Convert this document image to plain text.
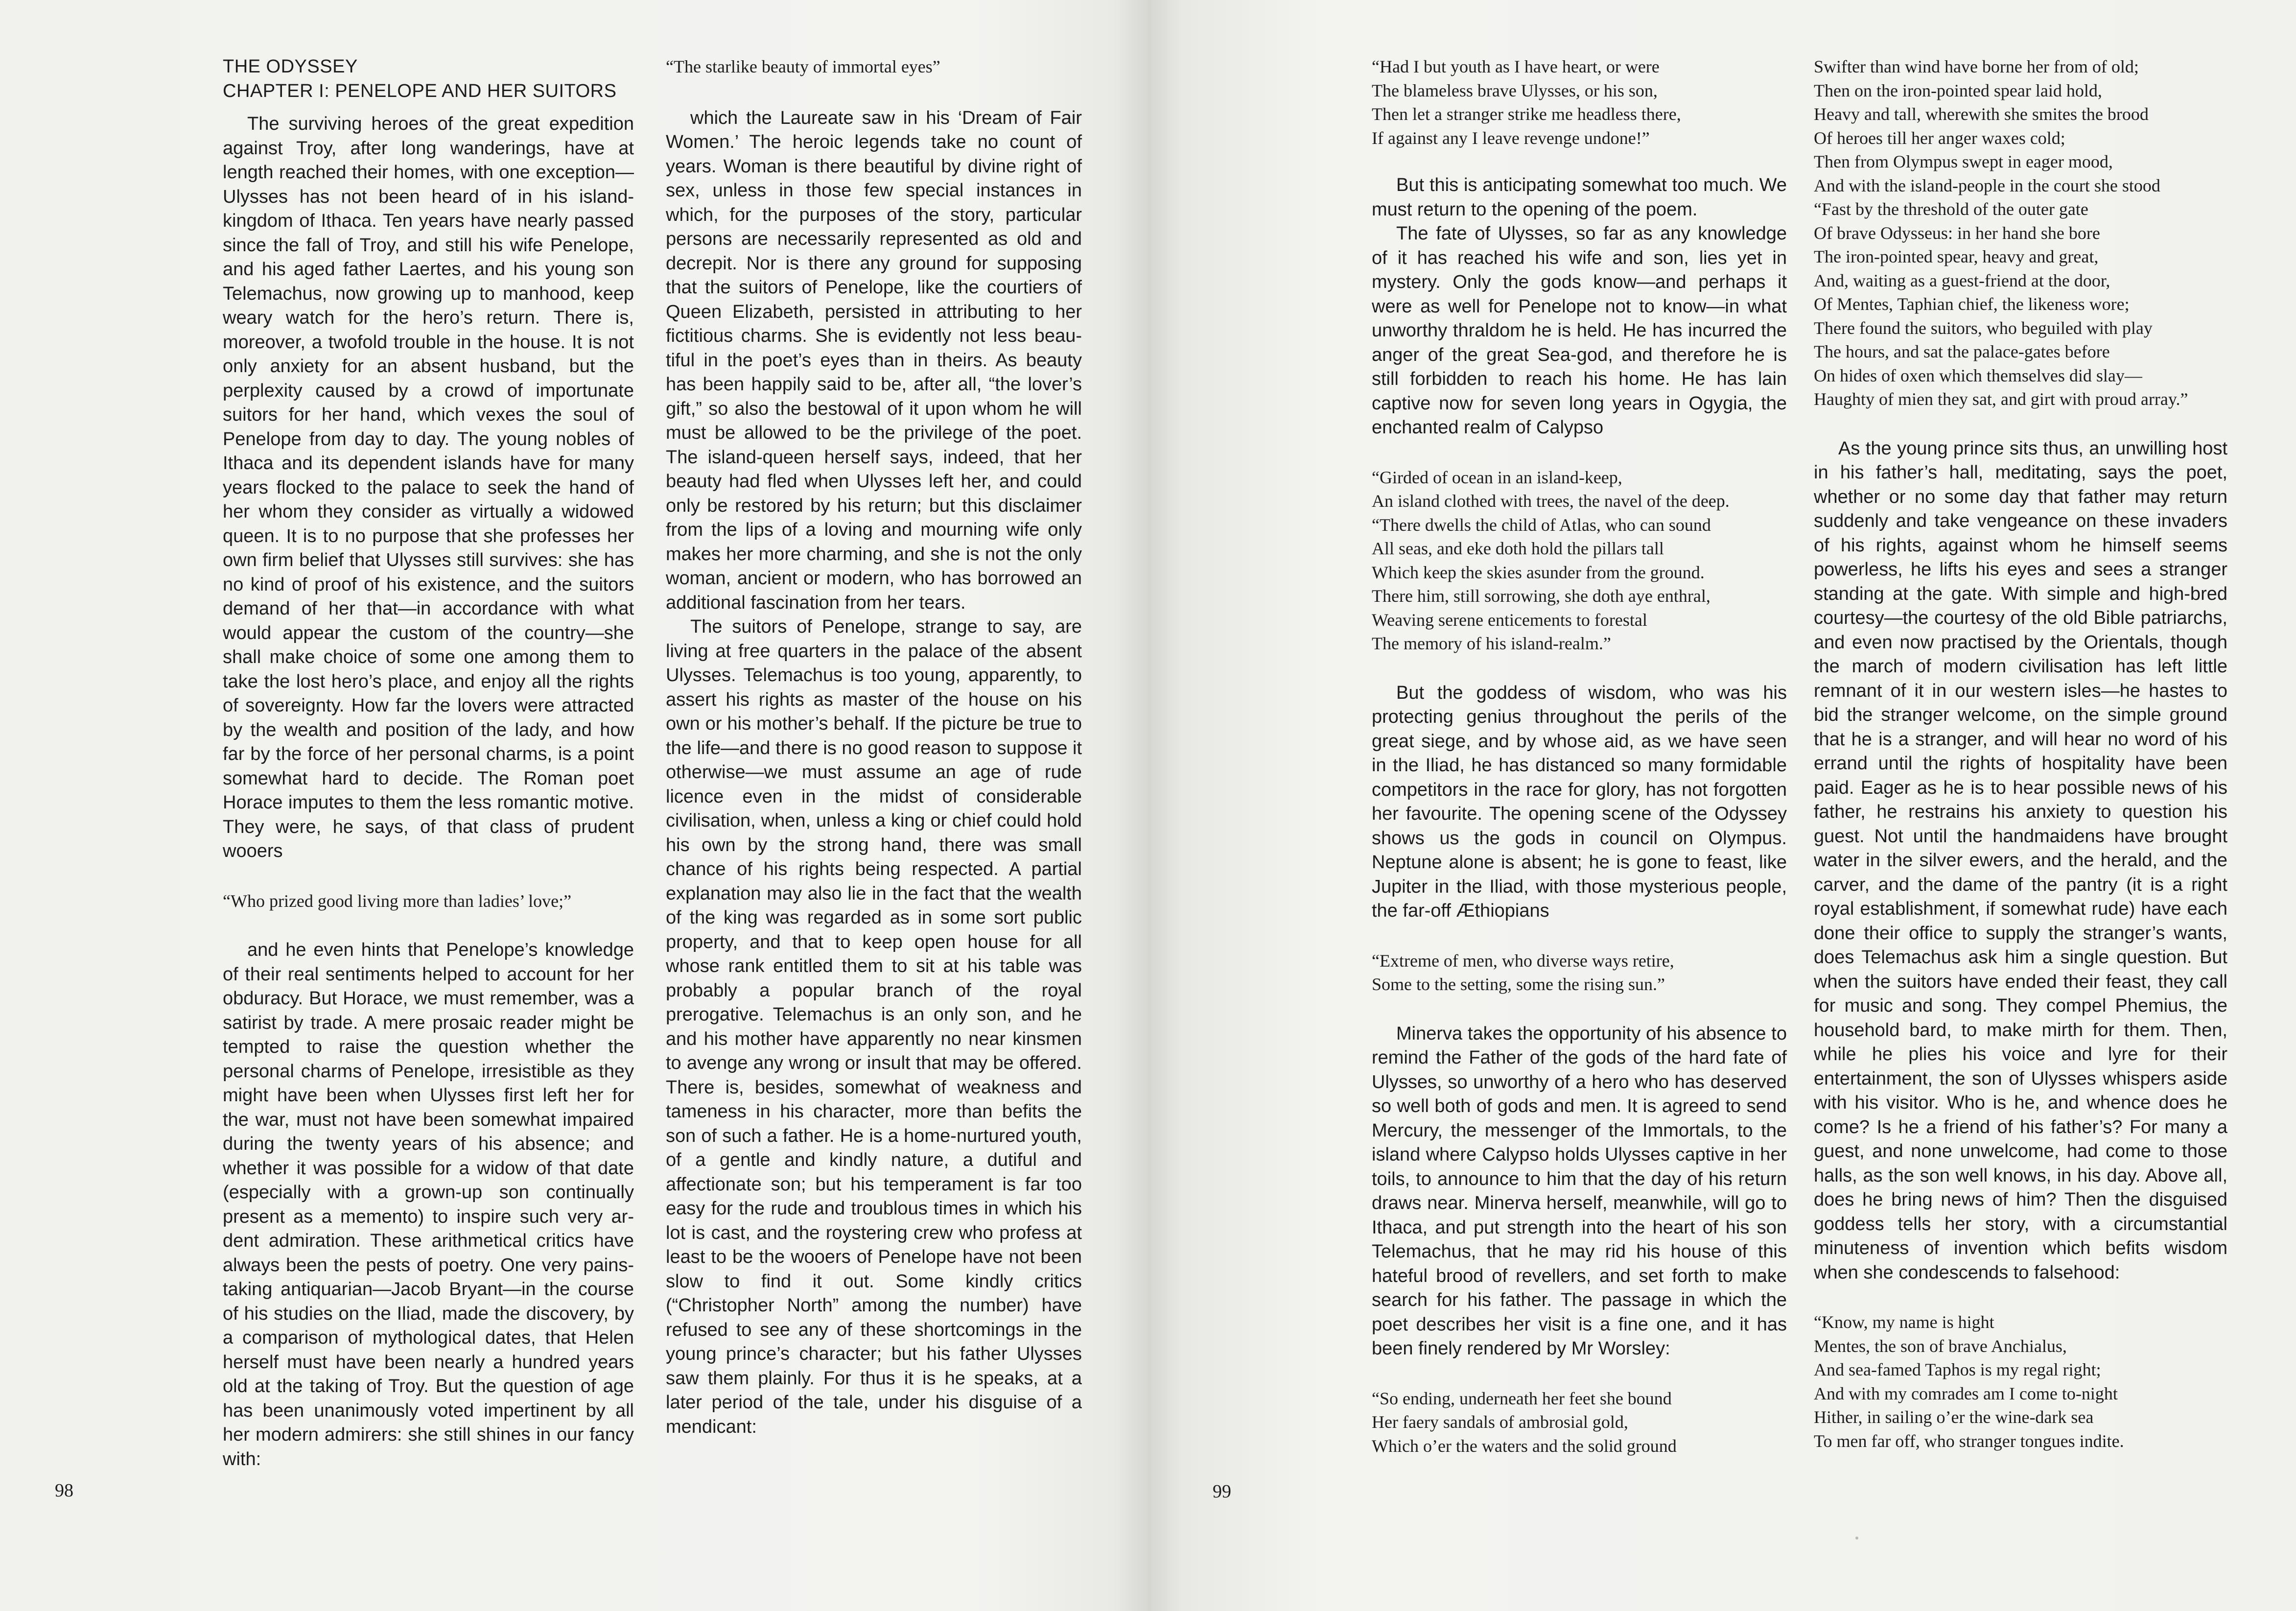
THE ODYSSEY
CHAPTER I: PENELOPE AND HER SUITORS

The surviving heroes of the great expedition against Troy, after long wanderings, have at length reached their homes, with one exception—Ulysses has not been heard of in his island-kingdom of Ithaca. Ten years have nearly passed since the fall of Troy, and still his wife Penelope, and his aged father Laertes, and his young son Telemachus, now growing up to manhood, keep weary watch for the hero’s return. There is, moreover, a twofold trouble in the house. It is not only anxiety for an absent husband, but the perplexity caused by a crowd of importunate suitors for her hand, which vexes the soul of Penelope from day to day. The young nobles of Ithaca and its dependent islands have for many years flocked to the palace to seek the hand of her whom they consider as virtually a widowed queen. It is to no purpose that she professes her own firm belief that Ulysses still survives: she has no kind of proof of his existence, and the suitors demand of her that—in accordance with what would appear the custom of the country—she shall make choice of some one among them to take the lost hero’s place, and enjoy all the rights of sovereignty. How far the lovers were attracted by the wealth and position of the lady, and how far by the force of her personal charms, is a point somewhat hard to decide. The Roman poet Horace imputes to them the less romantic motive. They were, he says, of that class of prudent wooers

“Who prized good living more than ladies’ love;”

and he even hints that Penelope’s knowledge of their real sentiments helped to account for her obduracy. But Horace, we must remember, was a satirist by trade. A mere prosaic reader might be tempted to raise the question whether the personal charms of Penelope, irresistible as they might have been when Ulysses first left her for the war, must not have been somewhat impaired during the twenty years of his absence; and whether it was possible for a widow of that date (especially with a grown-up son continually present as a memento) to inspire such very ardent admiration. These arithmetical critics have always been the pests of poetry. One very painstaking antiquarian—Jacob Bryant—in the course of his studies on the Iliad, made the discovery, by a comparison of mythological dates, that Helen herself must have been nearly a hundred years old at the taking of Troy. But the question of age has been unanimously voted impertinent by all her modern admirers: she still shines in our fancy with:

“The starlike beauty of immortal eyes”

which the Laureate saw in his ‘Dream of Fair Women.’ The heroic legends take no count of years. Woman is there beautiful by divine right of sex, unless in those few special instances in which, for the purposes of the story, particular persons are necessarily represented as old and decrepit. Nor is there any ground for supposing that the suitors of Penelope, like the courtiers of Queen Elizabeth, persisted in attributing to her fictitious charms. She is evidently not less beautiful in the poet’s eyes than in theirs. As beauty has been happily said to be, after all, “the lover’s gift,” so also the bestowal of it upon whom he will must be allowed to be the privilege of the poet. The island-queen herself says, indeed, that her beauty had fled when Ulysses left her, and could only be restored by his return; but this disclaimer from the lips of a loving and mourning wife only makes her more charming, and she is not the only woman, ancient or modern, who has borrowed an additional fascination from her tears.

The suitors of Penelope, strange to say, are living at free quarters in the palace of the absent Ulysses. Telemachus is too young, apparently, to assert his rights as master of the house on his own or his mother’s behalf. If the picture be true to the life—and there is no good reason to suppose it otherwise—we must assume an age of rude licence even in the midst of considerable civilisation, when, unless a king or chief could hold his own by the strong hand, there was small chance of his rights being respected. A partial explanation may also lie in the fact that the wealth of the king was regarded as in some sort public property, and that to keep open house for all whose rank entitled them to sit at his table was probably a popular branch of the royal prerogative. Telemachus is an only son, and he and his mother have apparently no near kinsmen to avenge any wrong or insult that may be offered. There is, besides, somewhat of weakness and tameness in his character, more than befits the son of such a father. He is a home-nurtured youth, of a gentle and kindly nature, a dutiful and affectionate son; but his temperament is far too easy for the rude and troublous times in which his lot is cast, and the roystering crew who profess at least to be the wooers of Penelope have not been slow to find it out. Some kindly critics (“Christopher North” among the number) have refused to see any of these shortcomings in the young prince’s character; but his father Ulysses saw them plainly. For thus it is he speaks, at a later period of the tale, under his disguise of a mendicant:

98
“Had I but youth as I have heart, or were
The blameless brave Ulysses, or his son,
Then let a stranger strike me headless there,
If against any I leave revenge undone!”

But this is anticipating somewhat too much. We must return to the opening of the poem.

The fate of Ulysses, so far as any knowledge of it has reached his wife and son, lies yet in mystery. Only the gods know—and perhaps it were as well for Penelope not to know—in what unworthy thraldom he is held. He has incurred the anger of the great Sea-god, and therefore he is still forbidden to reach his home. He has lain captive now for seven long years in Ogygia, the enchanted realm of Calypso

“Girded of ocean in an island-keep,
An island clothed with trees, the navel of the deep.
“There dwells the child of Atlas, who can sound
All seas, and eke doth hold the pillars tall
Which keep the skies asunder from the ground.
There him, still sorrowing, she doth aye enthral,
Weaving serene enticements to forestal
The memory of his island-realm.”

But the goddess of wisdom, who was his protecting genius throughout the perils of the great siege, and by whose aid, as we have seen in the Iliad, he has distanced so many formidable competitors in the race for glory, has not forgotten her favourite. The opening scene of the Odyssey shows us the gods in council on Olympus. Neptune alone is absent; he is gone to feast, like Jupiter in the Iliad, with those mysterious people, the far-off Æthiopians

“Extreme of men, who diverse ways retire,
Some to the setting, some the rising sun.”

Minerva takes the opportunity of his absence to remind the Father of the gods of the hard fate of Ulysses, so unworthy of a hero who has deserved so well both of gods and men. It is agreed to send Mercury, the messenger of the Immortals, to the island where Calypso holds Ulysses captive in her toils, to announce to him that the day of his return draws near. Minerva herself, meanwhile, will go to Ithaca, and put strength into the heart of his son Telemachus, that he may rid his house of this hateful brood of revellers, and set forth to make search for his father. The passage in which the poet describes her visit is a fine one, and it has been finely rendered by Mr Worsley:

“So ending, underneath her feet she bound
Her faery sandals of ambrosial gold,
Which o’er the waters and the solid ground
Swifter than wind have borne her from of old;
Then on the iron-pointed spear laid hold,
Heavy and tall, wherewith she smites the brood
Of heroes till her anger waxes cold;
Then from Olympus swept in eager mood,
And with the island-people in the court she stood
“Fast by the threshold of the outer gate
Of brave Odysseus: in her hand she bore
The iron-pointed spear, heavy and great,
And, waiting as a guest-friend at the door,
Of Mentes, Taphian chief, the likeness wore;
There found the suitors, who beguiled with play
The hours, and sat the palace-gates before
On hides of oxen which themselves did slay—
Haughty of mien they sat, and girt with proud array.”

As the young prince sits thus, an unwilling host in his father’s hall, meditating, says the poet, whether or no some day that father may return suddenly and take vengeance on these invaders of his rights, against whom he himself seems powerless, he lifts his eyes and sees a stranger standing at the gate. With simple and high-bred courtesy—the courtesy of the old Bible patriarchs, and even now practised by the Orientals, though the march of modern civilisation has left little remnant of it in our western isles—he hastes to bid the stranger welcome, on the simple ground that he is a stranger, and will hear no word of his errand until the rights of hospitality have been paid. Eager as he is to hear possible news of his father, he restrains his anxiety to question his guest. Not until the handmaidens have brought water in the silver ewers, and the herald, and the carver, and the dame of the pantry (it is a right royal establishment, if somewhat rude) have each done their office to supply the stranger’s wants, does Telemachus ask him a single question. But when the suitors have ended their feast, they call for music and song. They compel Phemius, the household bard, to make mirth for them. Then, while he plies his voice and lyre for their entertainment, the son of Ulysses whispers aside with his visitor. Who is he, and whence does he come? Is he a friend of his father’s? For many a guest, and none unwelcome, had come to those halls, as the son well knows, in his day. Above all, does he bring news of him? Then the disguised goddess tells her story, with a circumstantial minuteness of invention which befits wisdom when she condescends to falsehood:

“Know, my name is hight
Mentes, the son of brave Anchialus,
And sea-famed Taphos is my regal right;
And with my comrades am I come to-night
Hither, in sailing o’er the wine-dark sea
To men far off, who stranger tongues indite.
99
